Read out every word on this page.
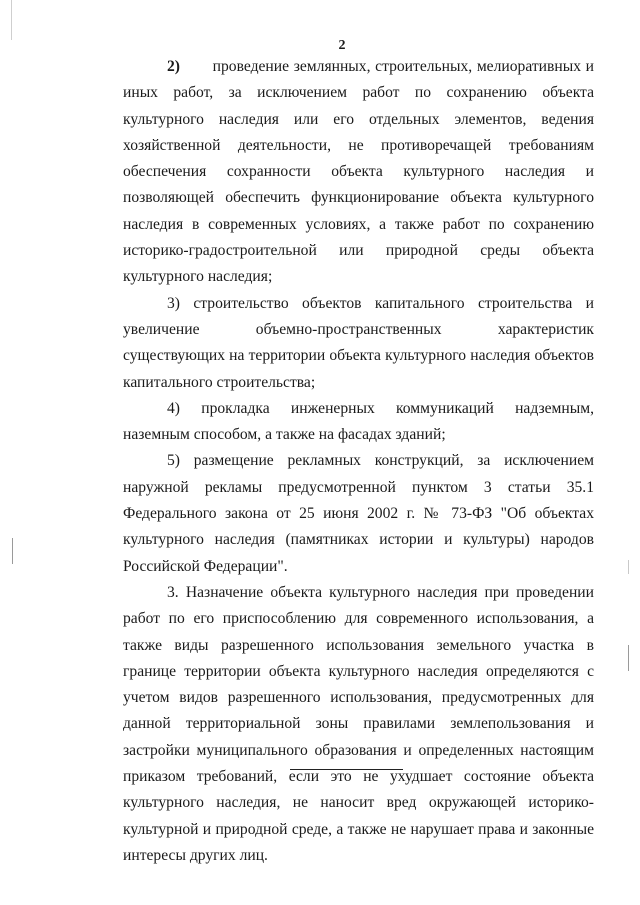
2

2) проведение землянных, строительных, мелиоративных и иных работ, за исключением работ по сохранению объекта культурного наследия или его отдельных элементов, ведения хозяйственной деятельности, не противоречащей требованиям обеспечения сохранности объекта культурного наследия и позволяющей обеспечить функционирование объекта культурного наследия в современных условиях, а также работ по сохранению историко-градостроительной или природной среды объекта культурного наследия;

3) строительство объектов капитального строительства и увеличение объемно-пространственных характеристик существующих на территории объекта культурного наследия объектов капитального строительства;

4) прокладка инженерных коммуникаций надземным, наземным способом, а также на фасадах зданий;

5) размещение рекламных конструкций, за исключением наружной рекламы предусмотренной пунктом 3 статьи 35.1 Федерального закона от 25 июня 2002 г. № 73-ФЗ "Об объектах культурного наследия (памятниках истории и культуры) народов Российской Федерации".

3. Назначение объекта культурного наследия при проведении работ по его приспособлению для современного использования, а также виды разрешенного использования земельного участка в границе территории объекта культурного наследия определяются с учетом видов разрешенного использования, предусмотренных для данной территориальной зоны правилами землепользования и застройки муниципального образования и определенных настоящим приказом требований, если это не ухудшает состояние объекта культурного наследия, не наносит вред окружающей историко-культурной и природной среде, а также не нарушает права и законные интересы других лиц.
